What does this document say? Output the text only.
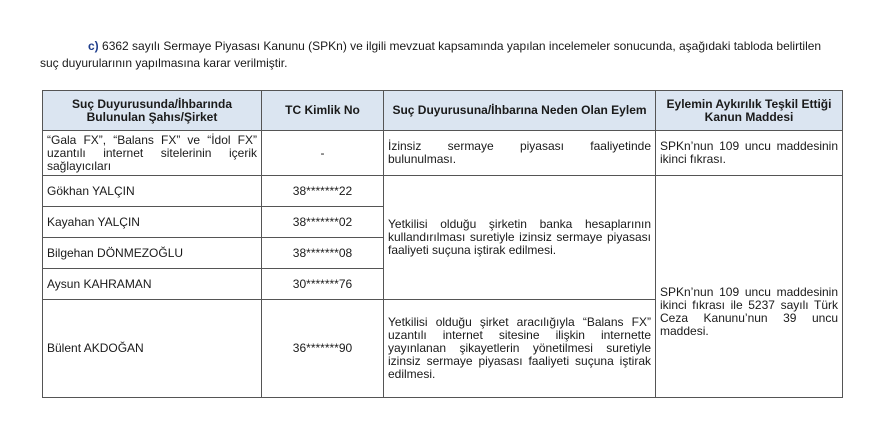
c) 6362 sayılı Sermaye Piyasası Kanunu (SPKn) ve ilgili mevzuat kapsamında yapılan incelemeler sonucunda, aşağıdaki tabloda belirtilen suç duyurularının yapılmasına karar verilmiştir.
Suç Duyurusunda/İhbarında Bulunulan Şahıs/Şirket	TC Kimlik No	Suç Duyurusuna/İhbarına Neden Olan Eylem	Eylemin Aykırılık Teşkil Ettiği Kanun Maddesi
“Gala FX”, “Balans FX” ve “İdol FX” uzantılı internet sitelerinin içerik sağlayıcıları	-	İzinsiz sermaye piyasası faaliyetinde bulunulması.	SPKn’nun 109 uncu maddesinin ikinci fıkrası.
Gökhan YALÇIN	38*******22	Yetkilisi olduğu şirketin banka hesaplarının kullandırılması suretiyle izinsiz sermaye piyasası faaliyeti suçuna iştirak edilmesi.	SPKn’nun 109 uncu maddesinin ikinci fıkrası ile 5237 sayılı Türk Ceza Kanunu’nun 39 uncu maddesi.
Kayahan YALÇIN	38*******02		
Bilgehan DÖNMEZOĞLU	38*******08		
Aysun KAHRAMAN	30*******76		
Bülent AKDOĞAN	36*******90	Yetkilisi olduğu şirket aracılığıyla “Balans FX” uzantılı internet sitesine ilişkin internette yayınlanan şikayetlerin yönetilmesi suretiyle izinsiz sermaye piyasası faaliyeti suçuna iştirak edilmesi.	
